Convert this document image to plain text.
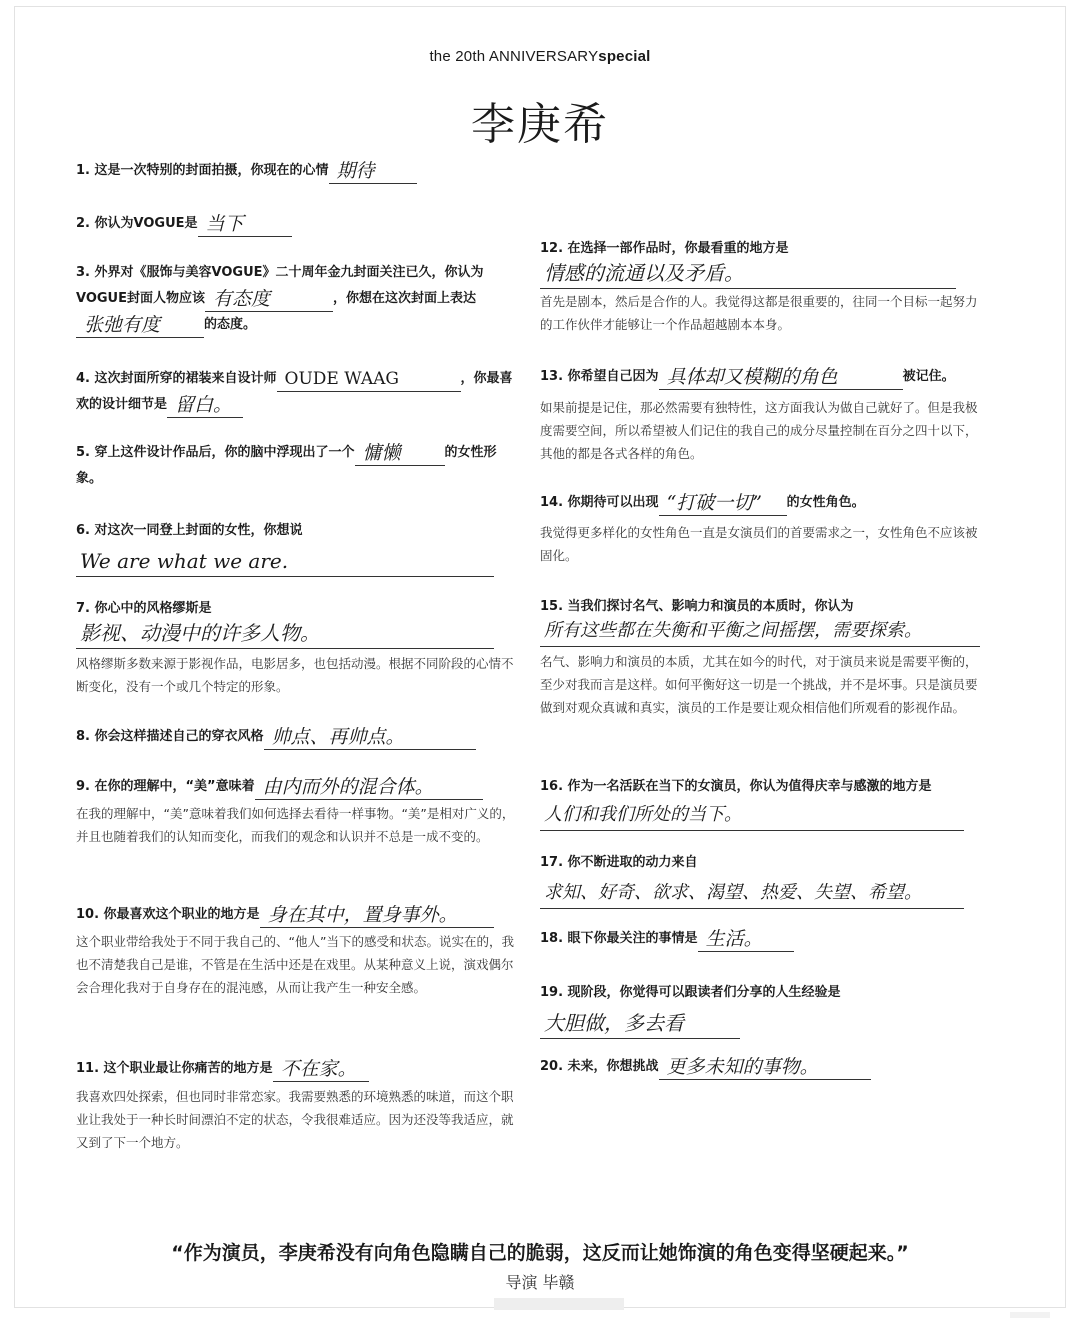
the 20th ANNIVERSARYspecial
李庚希
1. 这是一次特别的封面拍摄，你现在的心情 期待
2. 你认为VOGUE是 当下
3. 外界对《服饰与美容VOGUE》二十周年金九封面关注已久，你认为VOGUE封面人物应该 有态度	，你想在这次封面上表达
张弛有度	的态度。
4. 这次封面所穿的裙装来自设计师 OUDE WAAG	，你最喜欢的设计细节是 留白。
5. 穿上这件设计作品后，你的脑中浮现出了一个 慵懒	的女性形象。
6. 对这次一同登上封面的女性，你想说
We are what we are.
7. 你心中的风格缪斯是
影视、动漫中的许多人物。
风格缪斯多数来源于影视作品，电影居多，也包括动漫。根据不同阶段的心情不断变化，没有一个或几个特定的形象。
8. 你会这样描述自己的穿衣风格 帅点、再帅点。
9. 在你的理解中，“美”意味着 由内而外的混合体。
在我的理解中，“美”意味着我们如何选择去看待一样事物。“美”是相对广义的，并且也随着我们的认知而变化，而我们的观念和认识并不总是一成不变的。
10. 你最喜欢这个职业的地方是 身在其中，置身事外。
这个职业带给我处于不同于我自己的、“他人”当下的感受和状态。说实在的，我也不清楚我自己是谁，不管是在生活中还是在戏里。从某种意义上说，演戏偶尔会合理化我对于自身存在的混沌感，从而让我产生一种安全感。
11. 这个职业最让你痛苦的地方是 不在家。
我喜欢四处探索，但也同时非常恋家。我需要熟悉的环境熟悉的味道，而这个职业让我处于一种长时间漂泊不定的状态，令我很难适应。因为还没等我适应，就又到了下一个地方。
12. 在选择一部作品时，你最看重的地方是
情感的流通以及矛盾。
首先是剧本，然后是合作的人。我觉得这都是很重要的，往同一个目标一起努力的工作伙伴才能够让一个作品超越剧本本身。
13. 你希望自己因为 具体却又模糊的角色	被记住。
如果前提是记住，那必然需要有独特性，这方面我认为做自己就好了。但是我极度需要空间，所以希望被人们记住的我自己的成分尽量控制在百分之四十以下，其他的都是各式各样的角色。
14. 你期待可以出现 “打破一切” 的女性角色。
我觉得更多样化的女性角色一直是女演员们的首要需求之一，女性角色不应该被固化。
15. 当我们探讨名气、影响力和演员的本质时，你认为
所有这些都在失衡和平衡之间摇摆，需要探索。
名气、影响力和演员的本质，尤其在如今的时代，对于演员来说是需要平衡的，至少对我而言是这样。如何平衡好这一切是一个挑战，并不是坏事。只是演员要做到对观众真诚和真实，演员的工作是要让观众相信他们所观看的影视作品。
16. 作为一名活跃在当下的女演员，你认为值得庆幸与感激的地方是
人们和我们所处的当下。
17. 你不断进取的动力来自
求知、好奇、欲求、渴望、热爱、失望、希望。
18. 眼下你最关注的事情是 生活。
19. 现阶段，你觉得可以跟读者们分享的人生经验是
大胆做，多去看
20. 未来，你想挑战 更多未知的事物。
“作为演员，李庚希没有向角色隐瞒自己的脆弱，这反而让她饰演的角色变得坚硬起来。”
导演 毕赣
